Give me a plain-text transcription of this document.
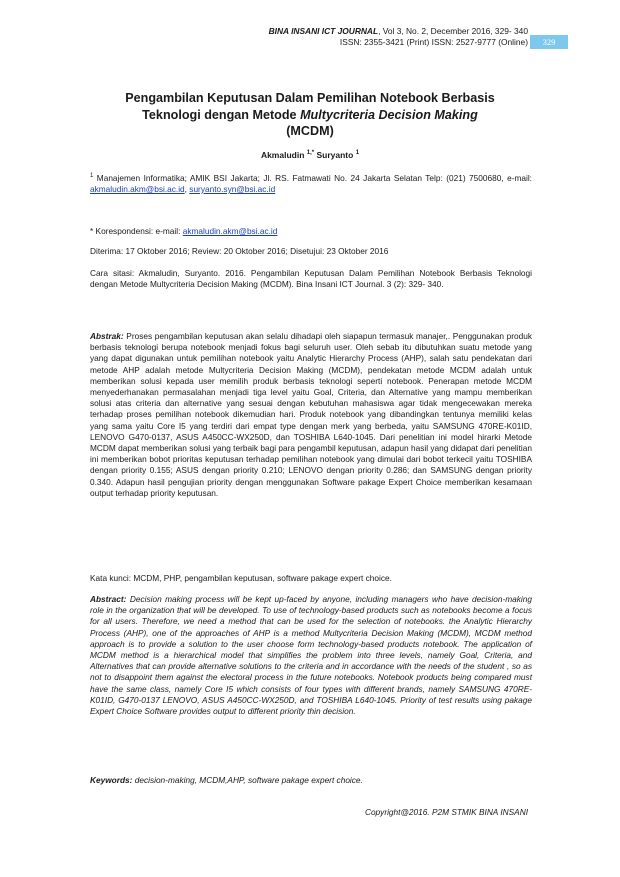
BINA INSANI ICT JOURNAL, Vol 3, No. 2, December 2016, 329- 340
ISSN: 2355-3421 (Print) ISSN: 2527-9777 (Online)	329
Pengambilan Keputusan Dalam Pemilihan Notebook Berbasis
Teknologi dengan Metode Multycriteria Decision Making
(MCDM)
Akmaludin $^{1,*}$ Suryanto $^1$
$^1$ Manajemen Informatika; AMIK BSI Jakarta; Jl. RS. Fatmawati No. 24 Jakarta Selatan Telp: (021) 7500680, e-mail: akmaludin.akm@bsi.ac.id, suryanto.syn@bsi.ac.id
* Korespondensi: e-mail: akmaludin.akm@bsi.ac.id
Diterima: 17 Oktober 2016; Review: 20 Oktober 2016; Disetujui: 23 Oktober 2016
Cara sitasi: Akmaludin, Suryanto. 2016. Pengambilan Keputusan Dalam Pemilihan Notebook Berbasis Teknologi dengan Metode Multycriteria Decision Making (MCDM). Bina Insani ICT Journal. 3 (2): 329- 340.
Abstrak: Proses pengambilan keputusan akan selalu dihadapi oleh siapapun termasuk manajer,. Penggunakan produk berbasis teknologi berupa notebook menjadi fokus bagi seluruh user. Oleh sebab itu dibutuhkan suatu metode yang yang dapat digunakan untuk pemilihan notebook yaitu Analytic Hierarchy Process (AHP), salah satu pendekatan dari metode AHP adalah metode Multycriteria Decision Making (MCDM), pendekatan metode MCDM adalah untuk memberikan solusi kepada user memilih produk berbasis teknologi seperti notebook. Penerapan metode MCDM menyederhanakan permasalahan menjadi tiga level yaitu Goal, Criteria, dan Alternative yang mampu memberikan solusi atas criteria dan alternative yang sesuai dengan kebutuhan mahasiswa agar tidak mengecewakan mereka terhadap proses pemilihan notebook dikemudian hari. Produk notebook yang dibandingkan tentunya memiliki kelas yang sama yaitu Core I5 yang terdiri dari empat type dengan merk yang berbeda, yaitu SAMSUNG 470RE-K01ID, LENOVO G470-0137, ASUS A450CC-WX250D, dan TOSHIBA L640-1045. Dari penelitian ini model hirarki Metode MCDM dapat memberikan solusi yang terbaik bagi para pengambil keputusan, adapun hasil yang didapat dari penelitian ini memberikan bobot prioritas keputusan terhadap pemilihan notebook yang dimulai dari bobot terkecil yaitu TOSHIBA dengan priority 0.155; ASUS dengan priority 0.210; LENOVO dengan priority 0.286; dan SAMSUNG dengan priority 0.340. Adapun hasil pengujian priority dengan menggunakan Software pakage Expert Choice memberikan kesamaan output terhadap priority keputusan.
Kata kunci: MCDM, PHP, pengambilan keputusan, software pakage expert choice.
Abstract: Decision making process will be kept up-faced by anyone, including managers who have decision-making role in the organization that will be developed. To use of technology-based products such as notebooks become a focus for all users. Therefore, we need a method that can be used for the selection of notebooks. the Analytic Hierarchy Process (AHP), one of the approaches of AHP is a method Multycriteria Decision Making (MCDM), MCDM method approach is to provide a solution to the user choose form technology-based products notebook. The application of MCDM method is a hierarchical model that simplifies the problem into three levels, namely Goal, Criteria, and Alternatives that can provide alternative solutions to the criteria and in accordance with the needs of the student , so as not to disappoint them against the electoral process in the future notebooks. Notebook products being compared must have the same class, namely Core I5 which consists of four types with different brands, namely SAMSUNG 470RE-K01ID, G470-0137 LENOVO, ASUS A450CC-WX250D, and TOSHIBA L640-1045. Priority of test results using pakage Expert Choice Software provides output to different priority thin decision.
Keywords: decision-making, MCDM,AHP, software pakage expert choice.
Copyright@2016. P2M STMIK BINA INSANI
